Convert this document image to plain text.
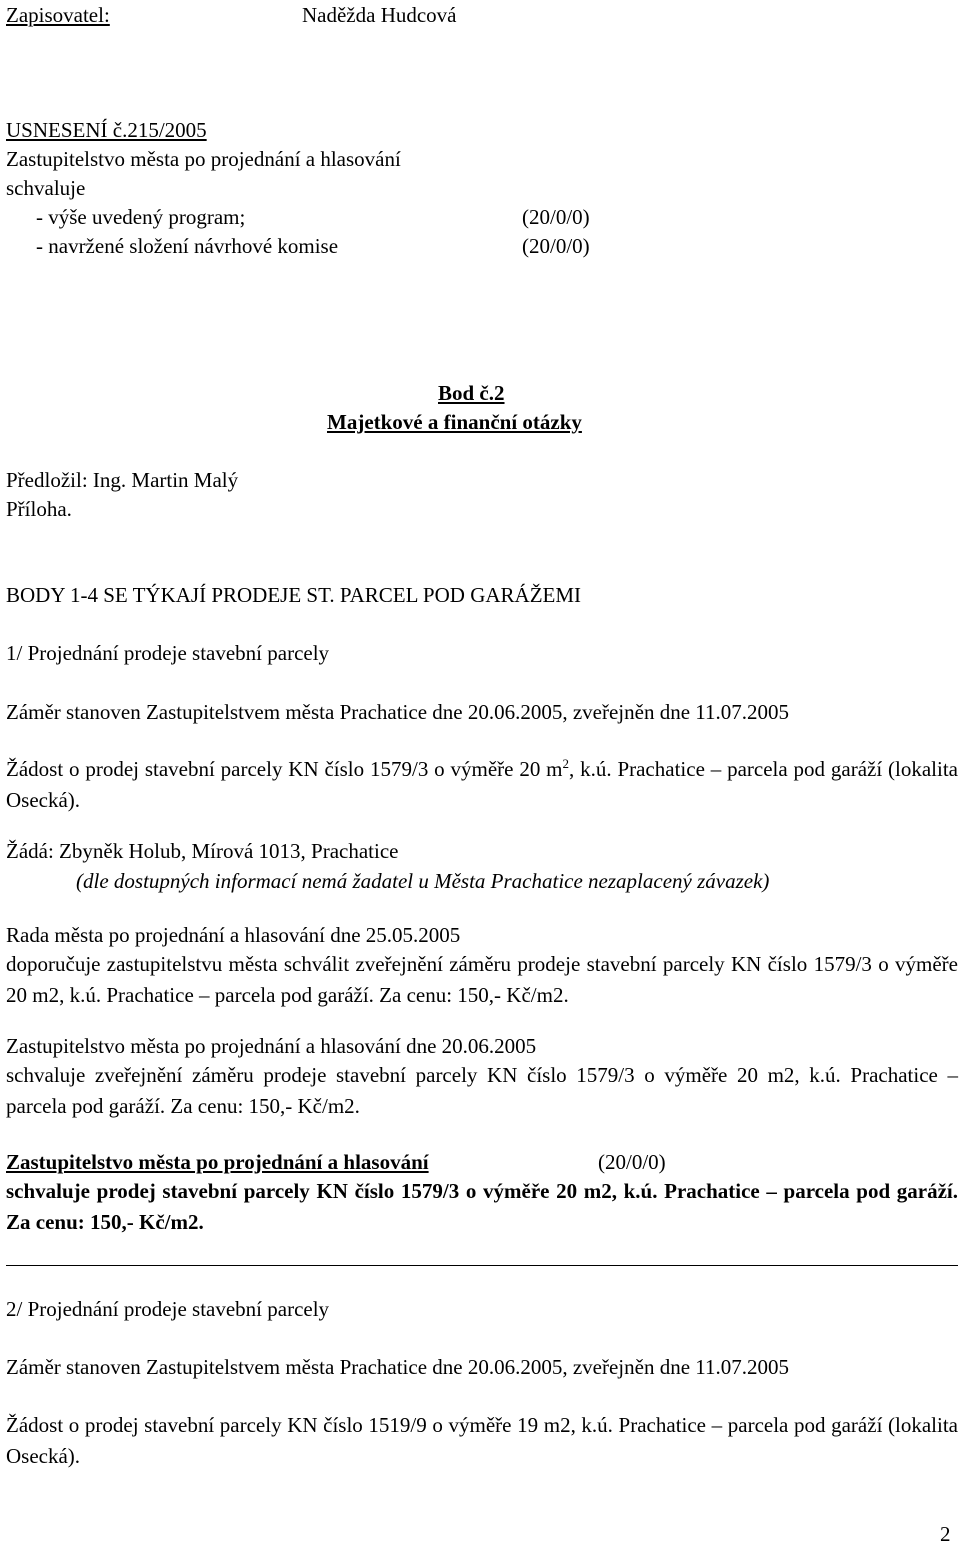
Zapisovatel:	Naděžda Hudcová
USNESENÍ č.215/2005
Zastupitelstvo města po projednání a hlasování
schvaluje
- výše uvedený program;	(20/0/0)
- navržené složení návrhové komise	(20/0/0)
Bod č.2
Majetkové a finanční otázky
Předložil: Ing. Martin Malý
Příloha.
BODY 1-4 SE TÝKAJÍ PRODEJE ST. PARCEL POD GARÁŽEMI
1/ Projednání prodeje stavební parcely
Záměr stanoven Zastupitelstvem města Prachatice dne 20.06.2005, zveřejněn dne 11.07.2005
Žádost o prodej stavební parcely KN číslo 1579/3 o výměře 20 $m^2$, k.ú. Prachatice – parcela pod garáží (lokalita Osecká).
Žádá: Zbyněk Holub, Mírová 1013, Prachatice
(dle dostupných informací nemá žadatel u Města Prachatice nezaplacený závazek)
Rada města po projednání a hlasování dne 25.05.2005
doporučuje zastupitelstvu města schválit zveřejnění záměru prodeje stavební parcely KN číslo 1579/3 o výměře 20 m2, k.ú. Prachatice – parcela pod garáží. Za cenu: 150,- Kč/m2.
Zastupitelstvo města po projednání a hlasování dne 20.06.2005
schvaluje zveřejnění záměru prodeje stavební parcely KN číslo 1579/3 o výměře 20 m2, k.ú. Prachatice – parcela pod garáží. Za cenu: 150,- Kč/m2.
Zastupitelstvo města po projednání a hlasování	(20/0/0)
schvaluje prodej stavební parcely KN číslo 1579/3 o výměře 20 m2, k.ú. Prachatice – parcela pod garáží. Za cenu: 150,- Kč/m2.
2/ Projednání prodeje stavební parcely
Záměr stanoven Zastupitelstvem města Prachatice dne 20.06.2005, zveřejněn dne 11.07.2005
Žádost o prodej stavební parcely KN číslo 1519/9 o výměře 19 m2, k.ú. Prachatice – parcela pod garáží (lokalita Osecká).
2
